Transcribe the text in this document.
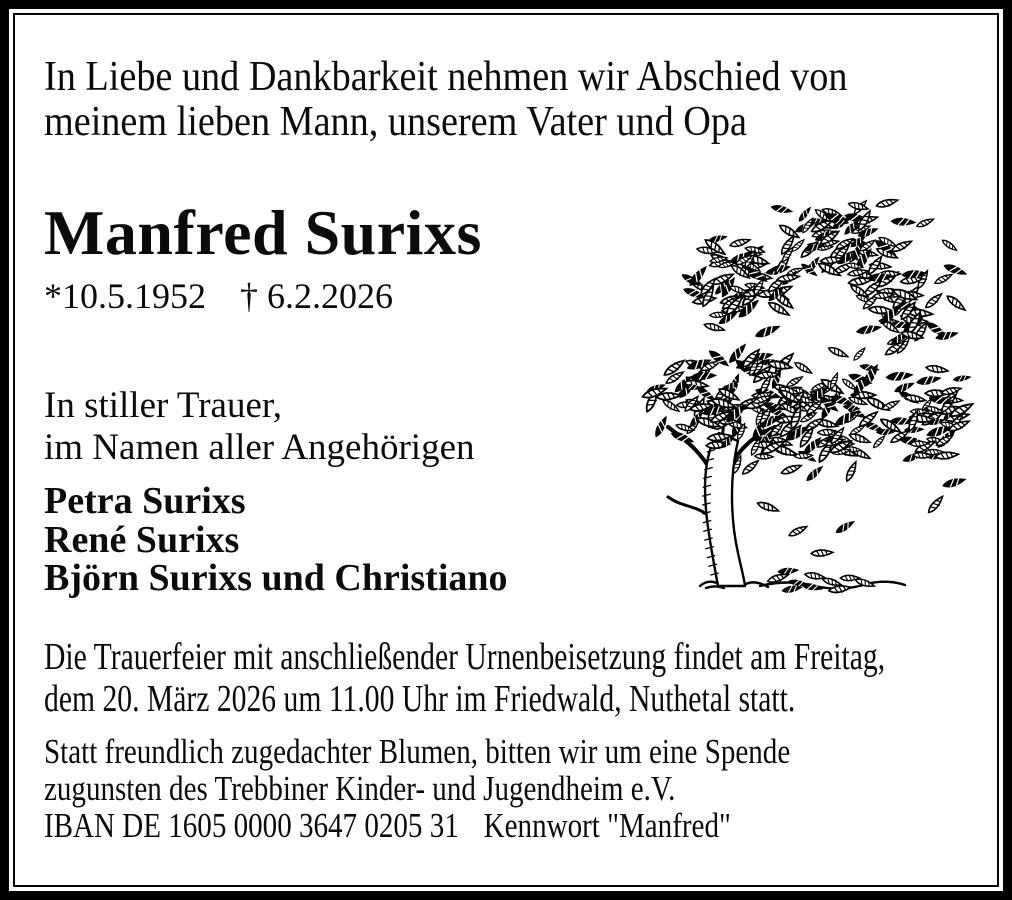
In Liebe und Dankbarkeit nehmen wir Abschied von
meinem lieben Mann, unserem Vater und Opa
Manfred Surixs
*10.5.1952 † 6.2.2026
In stiller Trauer,
im Namen aller Angehörigen
Petra Surixs
René Surixs
Björn Surixs und Christiano
Die Trauerfeier mit anschließender Urnenbeisetzung findet am Freitag,
dem 20. März 2026 um 11.00 Uhr im Friedwald, Nuthetal statt.
Statt freundlich zugedachter Blumen, bitten wir um eine Spende
zugunsten des Trebbiner Kinder- und Jugendheim e.V.
IBAN DE 1605 0000 3647 0205 31 Kennwort "Manfred"
